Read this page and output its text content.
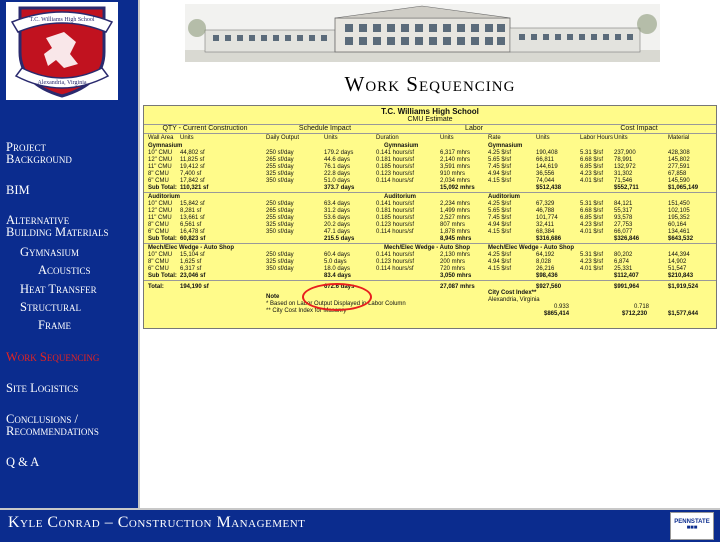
T.C. Williams High School
Alexandria, Virginia
Project
Background
BIM
Alternative
Building Materials
Gymnasium
Acoustics
Heat Transfer
Structural
Frame
Work Sequencing
Site Logistics
Conclusions /
Recommendations
Q & A
Work Sequencing
T.C. Williams High School
CMU Estimate
QTY - Current Construction	Schedule Impact	Labor	Cost Impact
Wall Area Units	Daily Output	Units	Duration	Units	Rate	Units	Labor Hours Units	Material
Gymnasium	Gymnasium	Gymnasium
10" CMU 44,802 sf	250 sf/day	179.2 days	0.141 hours/sf	6,317 mhrs	4.25 $/sf	190,408	5.31 $/sf 237,900	428,308
12" CMU 11,825 sf	265 sf/day	44.6 days	0.181 hours/sf	2,140 mhrs	5.65 $/sf	66,811	6.68 $/sf 78,991	145,802
11" CMU 19,412 sf	255 sf/day	76.1 days	0.185 hours/sf	3,591 mhrs	7.45 $/sf	144,619	6.85 $/sf 132,972	277,591
8" CMU 7,400 sf	325 sf/day	22.8 days	0.123 hours/sf	910 mhrs	4.94 $/sf	36,556	4.23 $/sf 31,302	67,858
6" CMU 17,842 sf	350 sf/day	51.0 days	0.114 hours/sf	2,034 mhrs	4.15 $/sf	74,044	4.01 $/sf 71,546	145,590
Sub Total: 110,321 sf	373.7 days	15,092 mhrs	$512,438	$552,711	$1,065,149
Auditorium	Auditorium	Auditorium
10" CMU 15,842 sf	250 sf/day	63.4 days	0.141 hours/sf	2,234 mhrs	4.25 $/sf	67,329	5.31 $/sf 84,121	151,450
12" CMU 8,281 sf	265 sf/day	31.2 days	0.181 hours/sf	1,499 mhrs	5.65 $/sf	46,788	6.68 $/sf 55,317	102,105
11" CMU 13,661 sf	255 sf/day	53.6 days	0.185 hours/sf	2,527 mhrs	7.45 $/sf	101,774	6.85 $/sf 93,578	195,352
8" CMU 6,561 sf	325 sf/day	20.2 days	0.123 hours/sf	807 mhrs	4.94 $/sf	32,411	4.23 $/sf 27,753	60,164
6" CMU 16,478 sf	350 sf/day	47.1 days	0.114 hours/sf	1,878 mhrs	4.15 $/sf	68,384	4.01 $/sf 66,077	134,461
Sub Total: 60,823 sf	215.5 days	8,945 mhrs	$316,686	$326,846	$643,532
Mech/Elec Wedge - Auto Shop	Mech/Elec Wedge - Auto Shop	Mech/Elec Wedge - Auto Shop
10" CMU 15,104 sf	250 sf/day	60.4 days	0.141 hours/sf	2,130 mhrs	4.25 $/sf	64,192	5.31 $/sf 80,202	144,394
8" CMU 1,625 sf	325 sf/day	5.0 days	0.123 hours/sf	200 mhrs	4.94 $/sf	8,028	4.23 $/sf 6,874	14,902
6" CMU 6,317 sf	350 sf/day	18.0 days	0.114 hours/sf	720 mhrs	4.15 $/sf	26,216	4.01 $/sf 25,331	51,547
Sub Total: 23,046 sf	83.4 days	3,050 mhrs	$98,436	$112,407	$210,843
Total:	194,190 sf	672.6 days	27,087 mhrs	$927,560	$991,964	$1,919,524
Note
* Based on Labor Output Displayed in Labor Column
** City Cost Index for Masonry
City Cost Index**
Alexandria, Virginia
0.933	0.718
$865,414	$712,230	$1,577,644
Kyle Conrad – Construction Management	PENNSTATE
■■■
